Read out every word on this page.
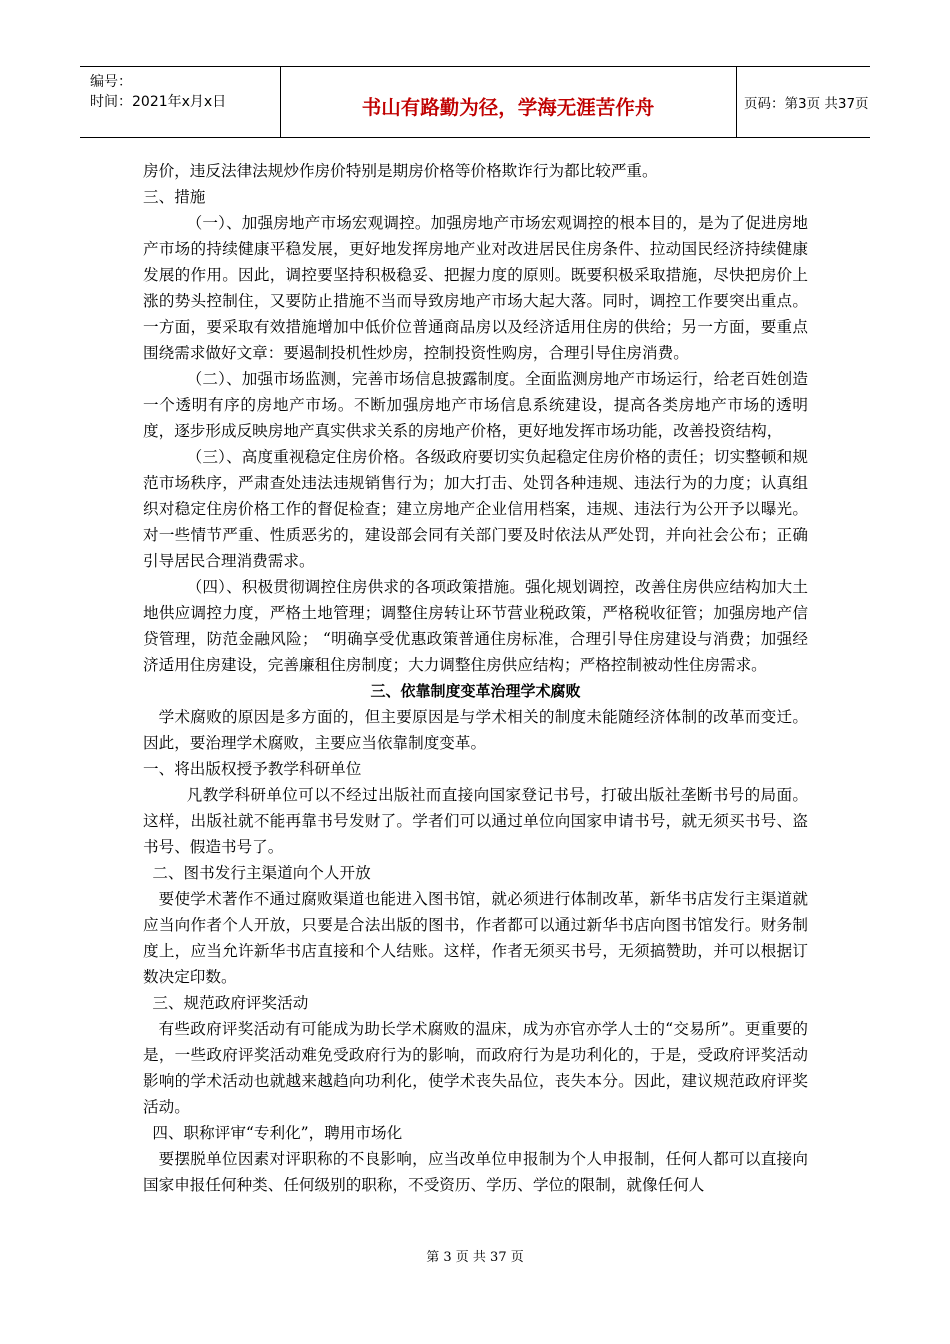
编号：
时间：2021年x月x日	书山有路勤为径，学海无涯苦作舟	页码：第3页 共37页

房价，违反法律法规炒作房价特别是期房价格等价格欺诈行为都比较严重。

三、措施

（一）、加强房地产市场宏观调控。加强房地产市场宏观调控的根本目的，是为了促进房地产市场的持续健康平稳发展，更好地发挥房地产业对改进居民住房条件、拉动国民经济持续健康发展的作用。因此，调控要坚持积极稳妥、把握力度的原则。既要积极采取措施，尽快把房价上涨的势头控制住，又要防止措施不当而导致房地产市场大起大落。同时，调控工作要突出重点。一方面，要采取有效措施增加中低价位普通商品房以及经济适用住房的供给；另一方面，要重点围绕需求做好文章：要遏制投机性炒房，控制投资性购房，合理引导住房消费。

（二）、加强市场监测，完善市场信息披露制度。全面监测房地产市场运行，给老百姓创造一个透明有序的房地产市场。不断加强房地产市场信息系统建设，提高各类房地产市场的透明度，逐步形成反映房地产真实供求关系的房地产价格，更好地发挥市场功能，改善投资结构，

（三）、高度重视稳定住房价格。各级政府要切实负起稳定住房价格的责任；切实整顿和规范市场秩序，严肃查处违法违规销售行为；加大打击、处罚各种违规、违法行为的力度；认真组织对稳定住房价格工作的督促检查；建立房地产企业信用档案，违规、违法行为公开予以曝光。对一些情节严重、性质恶劣的，建设部会同有关部门要及时依法从严处罚，并向社会公布；正确引导居民合理消费需求。

（四）、积极贯彻调控住房供求的各项政策措施。强化规划调控，改善住房供应结构加大土地供应调控力度，严格土地管理；调整住房转让环节营业税政策，严格税收征管；加强房地产信贷管理，防范金融风险； “明确享受优惠政策普通住房标准，合理引导住房建设与消费；加强经济适用住房建设，完善廉租住房制度；大力调整住房供应结构；严格控制被动性住房需求。

三、依靠制度变革治理学术腐败

学术腐败的原因是多方面的，但主要原因是与学术相关的制度未能随经济体制的改革而变迁。因此，要治理学术腐败，主要应当依靠制度变革。

一、将出版权授予教学科研单位

凡教学科研单位可以不经过出版社而直接向国家登记书号，打破出版社垄断书号的局面。这样，出版社就不能再靠书号发财了。学者们可以通过单位向国家申请书号，就无须买书号、盗书号、假造书号了。

二、图书发行主渠道向个人开放

要使学术著作不通过腐败渠道也能进入图书馆，就必须进行体制改革，新华书店发行主渠道就应当向作者个人开放，只要是合法出版的图书，作者都可以通过新华书店向图书馆发行。财务制度上，应当允许新华书店直接和个人结账。这样，作者无须买书号，无须搞赞助，并可以根据订数决定印数。

三、规范政府评奖活动

有些政府评奖活动有可能成为助长学术腐败的温床，成为亦官亦学人士的“交易所”。更重要的是，一些政府评奖活动难免受政府行为的影响，而政府行为是功利化的，于是，受政府评奖活动影响的学术活动也就越来越趋向功利化，使学术丧失品位，丧失本分。因此，建议规范政府评奖活动。

四、职称评审“专利化”，聘用市场化

要摆脱单位因素对评职称的不良影响，应当改单位申报制为个人申报制，任何人都可以直接向国家申报任何种类、任何级别的职称，不受资历、学历、学位的限制，就像任何人

第 3 页 共 37 页
